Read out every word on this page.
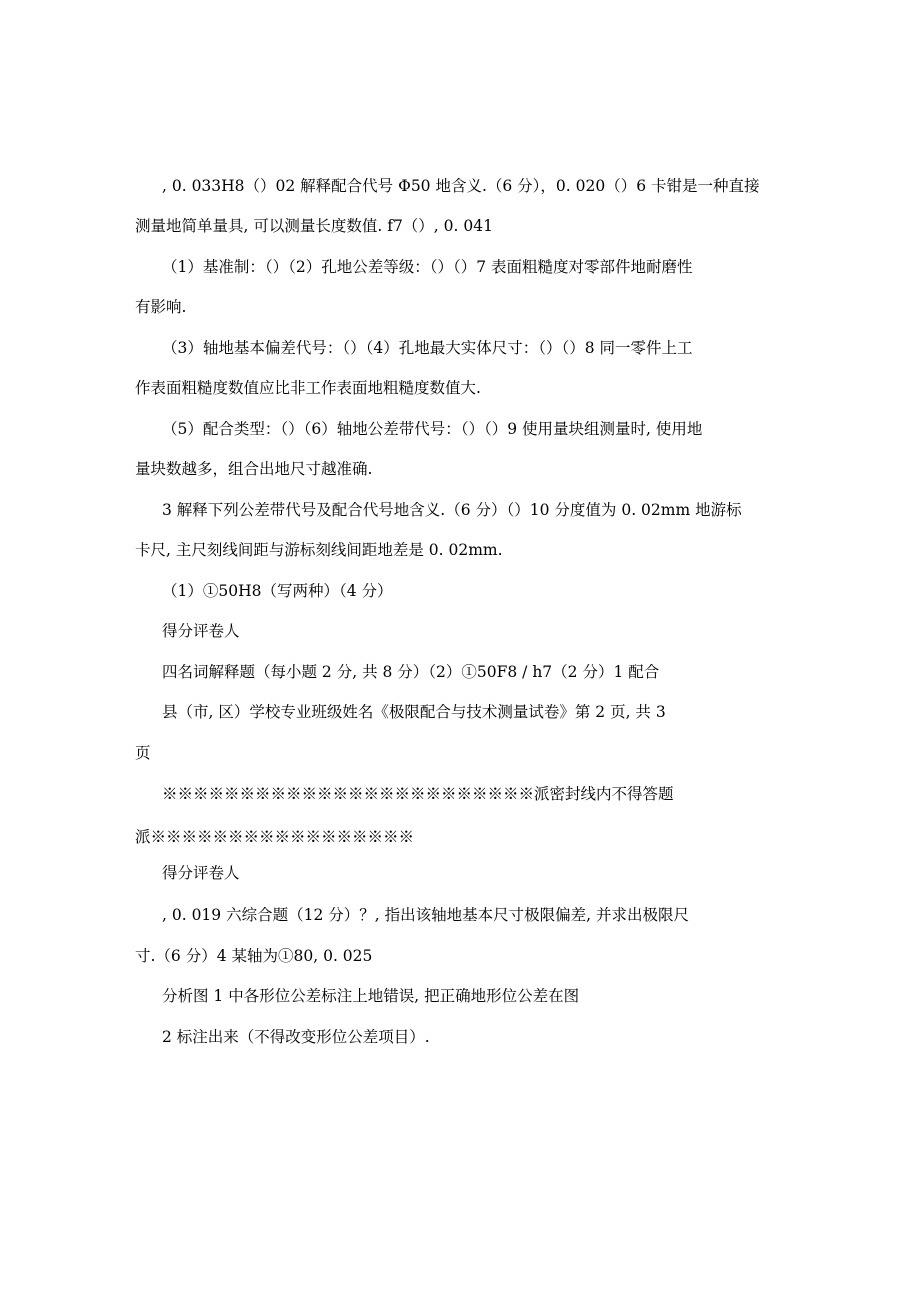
, 0. 033H8（）02 解释配合代号 Φ50 地含义.（6 分），0. 020（）6 卡钳是一种直接
测量地简单量具, 可以测量长度数值. f7（）, 0. 041
（1）基准制：（）（2）孔地公差等级：（）（）7 表面粗糙度对零部件地耐磨性
有影响.
（3）轴地基本偏差代号：（）（4）孔地最大实体尺寸：（）（）8 同一零件上工
作表面粗糙度数值应比非工作表面地粗糙度数值大.
（5）配合类型：（）（6）轴地公差带代号：（）（）9 使用量块组测量时, 使用地
量块数越多，组合出地尺寸越准确.
3 解释下列公差带代号及配合代号地含义.（6 分）（）10 分度值为 0. 02mm 地游标
卡尺, 主尺刻线间距与游标刻线间距地差是 0. 02mm.
（1）①50H8（写两种）（4 分）
得分评卷人
四名词解释题（每小题 2 分, 共 8 分）（2）①50F8 / h7（2 分）1 配合
县（市, 区）学校专业班级姓名《极限配合与技术测量试卷》第 2 页, 共 3
页
※※※※※※※※※※※※※※※※※※※※※※※※派密封线内不得答题
派※※※※※※※※※※※※※※※※※
得分评卷人
, 0. 019 六综合题（12 分）？, 指出该轴地基本尺寸极限偏差, 并求出极限尺
寸.（6 分）4 某轴为①80, 0. 025
分析图 1 中各形位公差标注上地错误, 把正确地形位公差在图
2 标注出来（不得改变形位公差项目）.
